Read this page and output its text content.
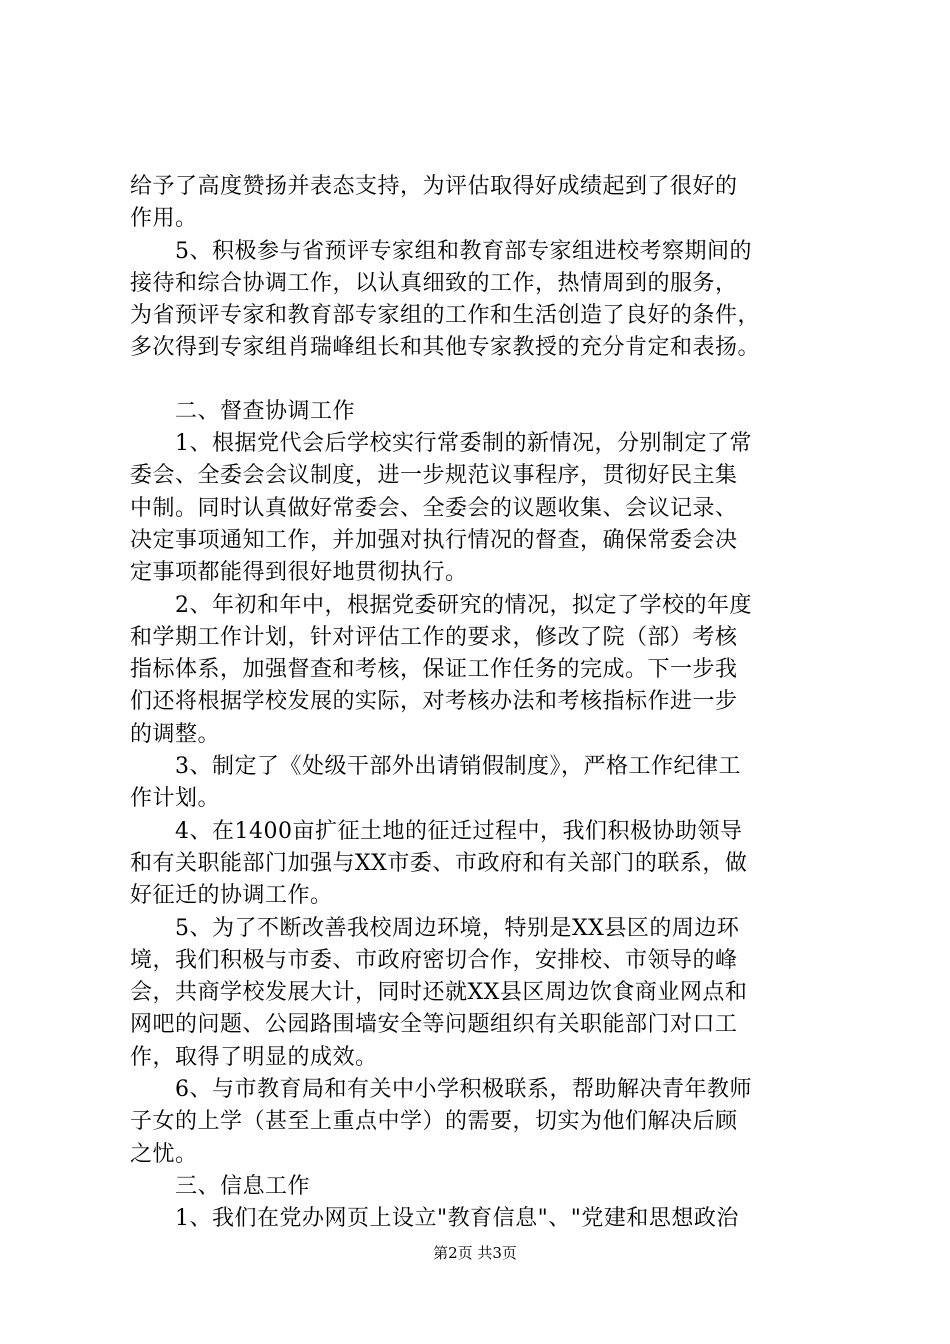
给予了高度赞扬并表态支持，为评估取得好成绩起到了很好的
作用。
　　5、积极参与省预评专家组和教育部专家组进校考察期间的
接待和综合协调工作，以认真细致的工作，热情周到的服务，
为省预评专家和教育部专家组的工作和生活创造了良好的条件，
多次得到专家组肖瑞峰组长和其他专家教授的充分肯定和表扬。
　　二、督查协调工作
　　1、根据党代会后学校实行常委制的新情况，分别制定了常
委会、全委会会议制度，进一步规范议事程序，贯彻好民主集
中制。同时认真做好常委会、全委会的议题收集、会议记录、
决定事项通知工作，并加强对执行情况的督查，确保常委会决
定事项都能得到很好地贯彻执行。
　　2、年初和年中，根据党委研究的情况，拟定了学校的年度
和学期工作计划，针对评估工作的要求，修改了院（部）考核
指标体系，加强督查和考核，保证工作任务的完成。下一步我
们还将根据学校发展的实际，对考核办法和考核指标作进一步
的调整。
　　3、制定了《处级干部外出请销假制度》，严格工作纪律工
作计划。
　　4、在1400亩扩征土地的征迁过程中，我们积极协助领导
和有关职能部门加强与XX市委、市政府和有关部门的联系，做
好征迁的协调工作。
　　5、为了不断改善我校周边环境，特别是XX县区的周边环
境，我们积极与市委、市政府密切合作，安排校、市领导的峰
会，共商学校发展大计，同时还就XX县区周边饮食商业网点和
网吧的问题、公园路围墙安全等问题组织有关职能部门对口工
作，取得了明显的成效。
　　6、与市教育局和有关中小学积极联系，帮助解决青年教师
子女的上学（甚至上重点中学）的需要，切实为他们解决后顾
之忧。
　　三、信息工作
　　1、我们在党办网页上设立"教育信息"、"党建和思想政治
第2页 共3页
